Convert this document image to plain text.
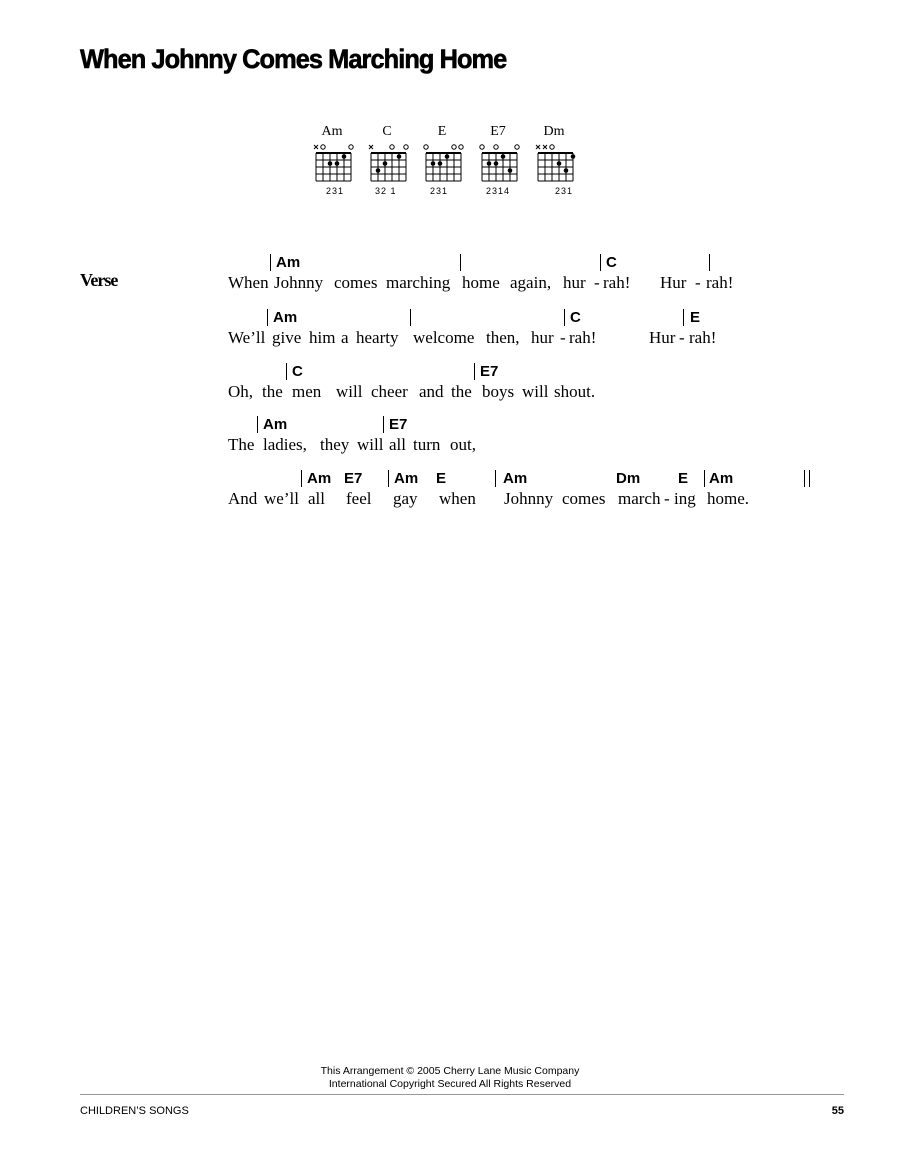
When Johnny Comes Marching Home
Am
231
C
32 1
E
231
E7
2314
Dm
231
Verse
Am	C
When Johnny comes marching home again, hur - rah! Hur - rah!
Am	C	E
We’ll give him a hearty welcome then, hur - rah!	Hur - rah!
C	E7
Oh, the men will cheer and the boys will shout.
Am	E7
The ladies, they will all turn out,
Am E7 Am E	Am	Dm	E Am
And we’ll all feel gay when Johnny comes march - ing home.
This Arrangement © 2005 Cherry Lane Music Company
International Copyright Secured All Rights Reserved
CHILDREN’S SONGS	55
